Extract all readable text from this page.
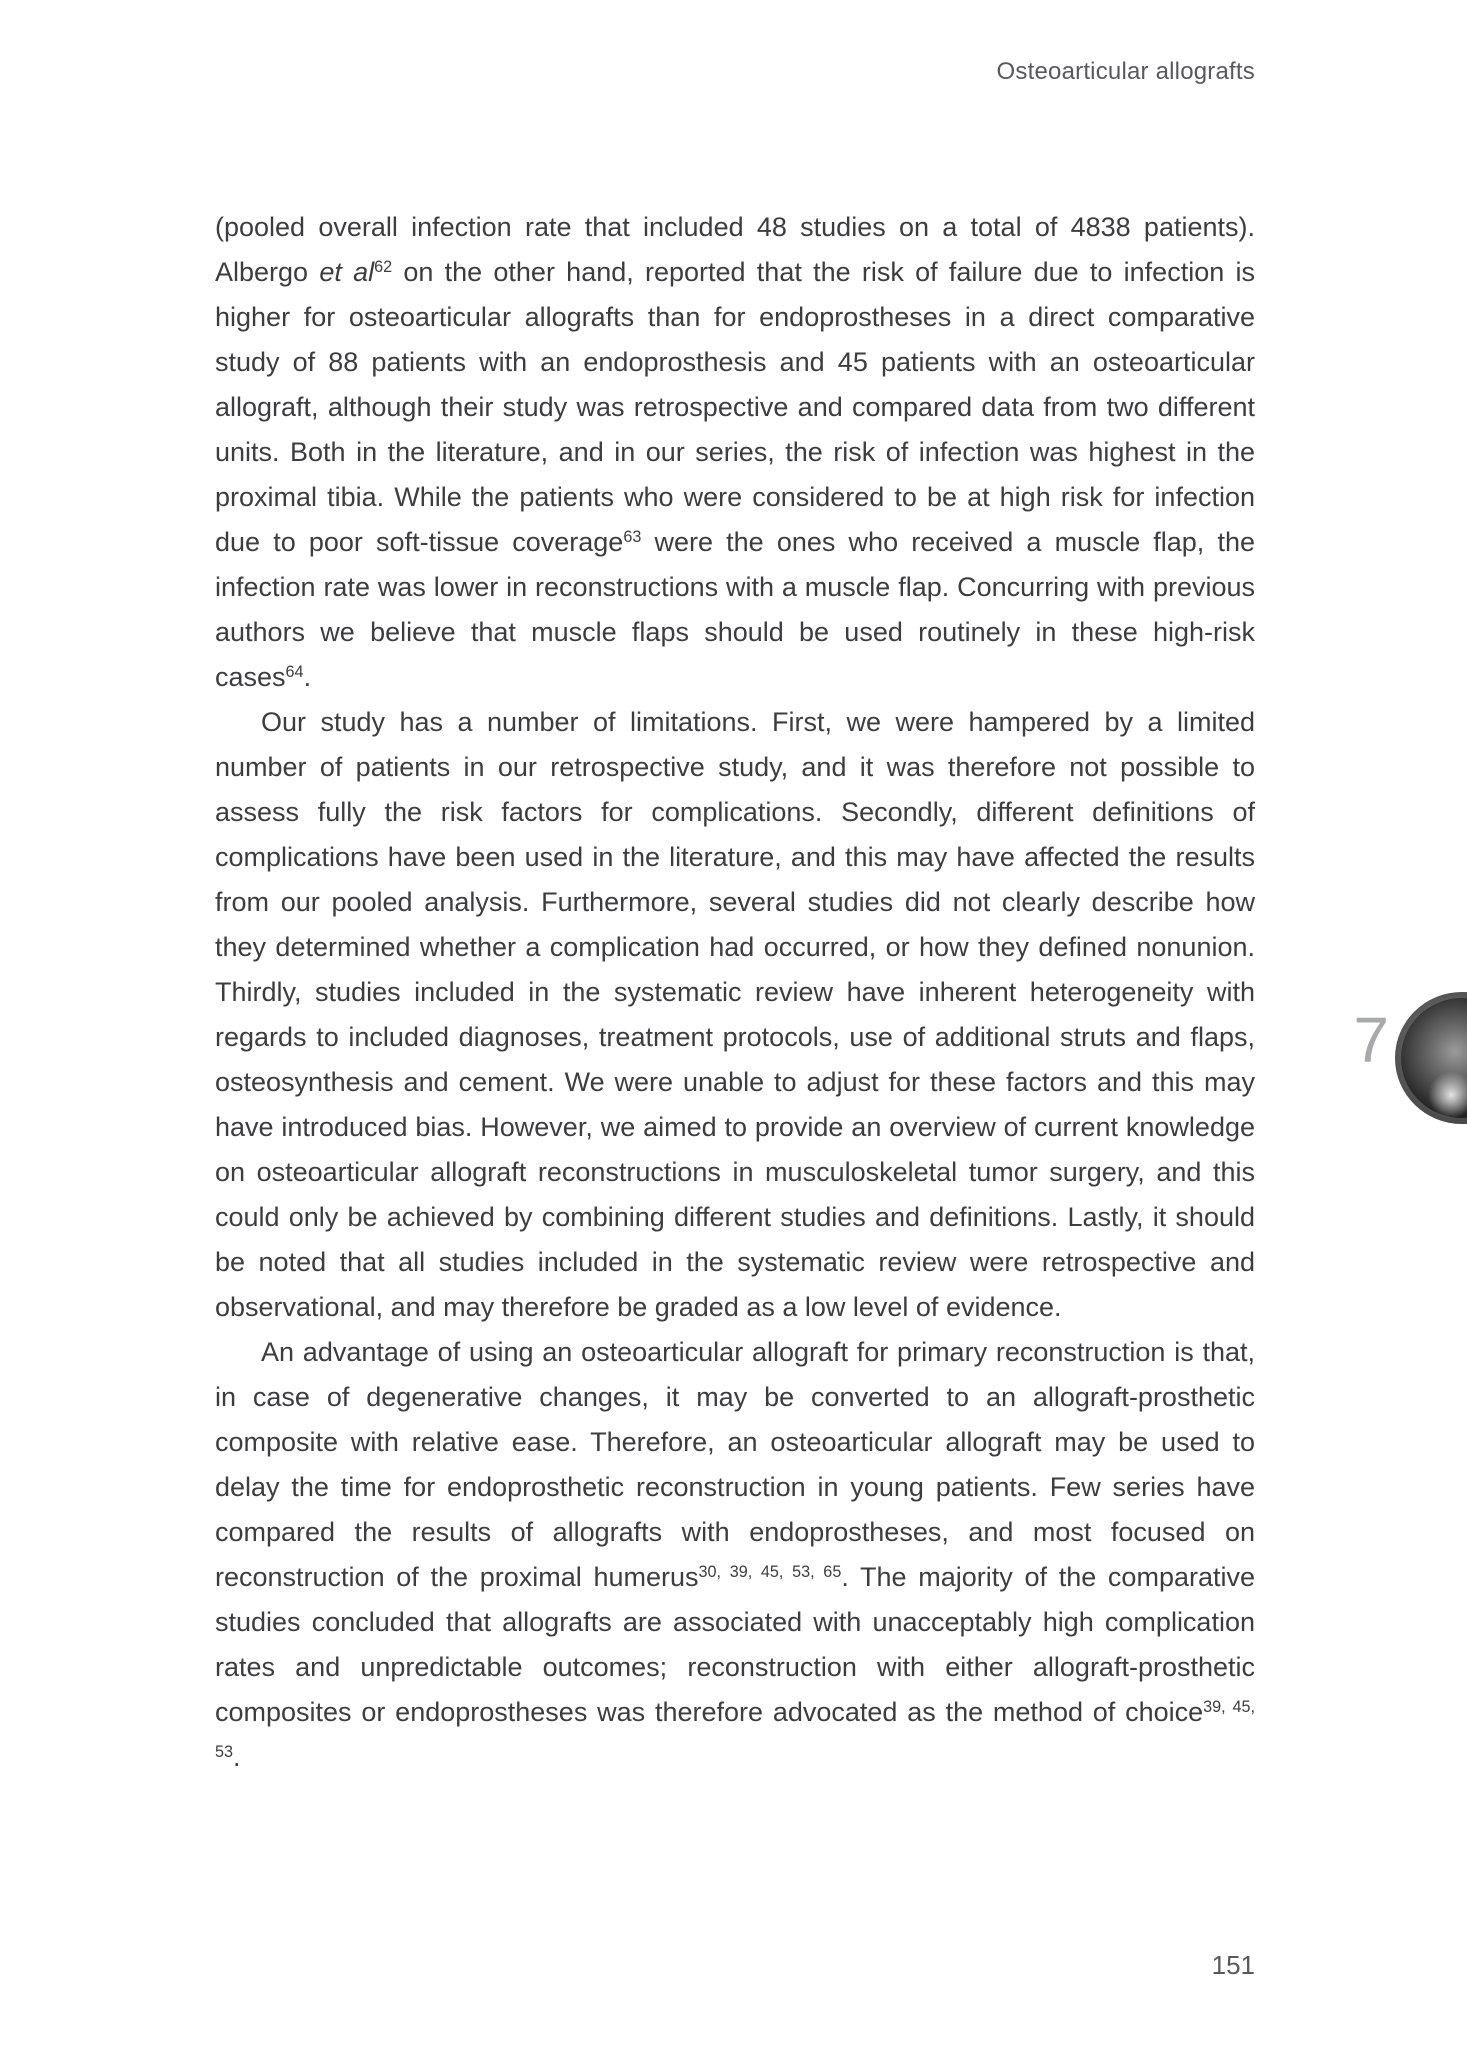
Osteoarticular allografts

(pooled overall infection rate that included 48 studies on a total of 4838 patients). Albergo et $al^{62}$ on the other hand, reported that the risk of failure due to infection is higher for osteoarticular allografts than for endoprostheses in a direct comparative study of 88 patients with an endoprosthesis and 45 patients with an osteoarticular allograft, although their study was retrospective and compared data from two different units. Both in the literature, and in our series, the risk of infection was highest in the proximal tibia. While the patients who were considered to be at high risk for infection due to poor soft-tissue coverage$^{63}$ were the ones who received a muscle flap, the infection rate was lower in reconstructions with a muscle flap. Concurring with previous authors we believe that muscle flaps should be used routinely in these high-risk cases$^{64}$.

Our study has a number of limitations. First, we were hampered by a limited number of patients in our retrospective study, and it was therefore not possible to assess fully the risk factors for complications. Secondly, different definitions of complications have been used in the literature, and this may have affected the results from our pooled analysis. Furthermore, several studies did not clearly describe how they determined whether a complication had occurred, or how they defined nonunion. Thirdly, studies included in the systematic review have inherent heterogeneity with regards to included diagnoses, treatment protocols, use of additional struts and flaps, osteosynthesis and cement. We were unable to adjust for these factors and this may have introduced bias. However, we aimed to provide an overview of current knowledge on osteoarticular allograft reconstructions in musculoskeletal tumor surgery, and this could only be achieved by combining different studies and definitions. Lastly, it should be noted that all studies included in the systematic review were retrospective and observational, and may therefore be graded as a low level of evidence.

An advantage of using an osteoarticular allograft for primary reconstruction is that, in case of degenerative changes, it may be converted to an allograft-prosthetic composite with relative ease. Therefore, an osteoarticular allograft may be used to delay the time for endoprosthetic reconstruction in young patients. Few series have compared the results of allografts with endoprostheses, and most focused on reconstruction of the proximal humerus$^{30, 39, 45, 53, 65}$. The majority of the comparative studies concluded that allografts are associated with unacceptably high complication rates and unpredictable outcomes; reconstruction with either allograft-prosthetic composites or endoprostheses was therefore advocated as the method of choice$^{39, 45, 53}$.

7
151
